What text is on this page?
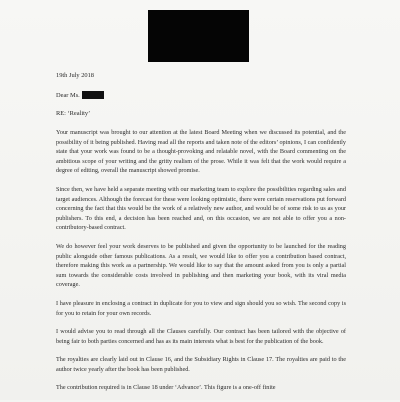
19th July 2018
Dear Ms.
RE: ‘Reality’

Your manuscript was brought to our attention at the latest Board Meeting when we discussed its potential, and the possibility of it being published. Having read all the reports and taken note of the editors’ opinions, I can confidently state that your work was found to be a thought-provoking and relatable novel, with the Board commenting on the ambitious scope of your writing and the gritty realism of the prose. While it was felt that the work would require a degree of editing, overall the manuscript showed promise.

Since then, we have held a separate meeting with our marketing team to explore the possibilities regarding sales and target audiences. Although the forecast for these were looking optimistic, there were certain reservations put forward concerning the fact that this would be the work of a relatively new author, and would be of some risk to us as your publishers. To this end, a decision has been reached and, on this occasion, we are not able to offer you a non-contributory-based contract.

We do however feel your work deserves to be published and given the opportunity to be launched for the reading public alongside other famous publications. As a result, we would like to offer you a contribution based contract, therefore making this work as a partnership. We would like to say that the amount asked from you is only a partial sum towards the considerable costs involved in publishing and then marketing your book, with its viral media coverage.

I have pleasure in enclosing a contract in duplicate for you to view and sign should you so wish. The second copy is for you to retain for your own records.

I would advise you to read through all the Clauses carefully. Our contract has been tailored with the objective of being fair to both parties concerned and has as its main interests what is best for the publication of the book.

The royalties are clearly laid out in Clause 16, and the Subsidiary Rights in Clause 17. The royalties are paid to the author twice yearly after the book has been published.

The contribution required is in Clause 18 under ‘Advance’. This figure is a one-off finite
